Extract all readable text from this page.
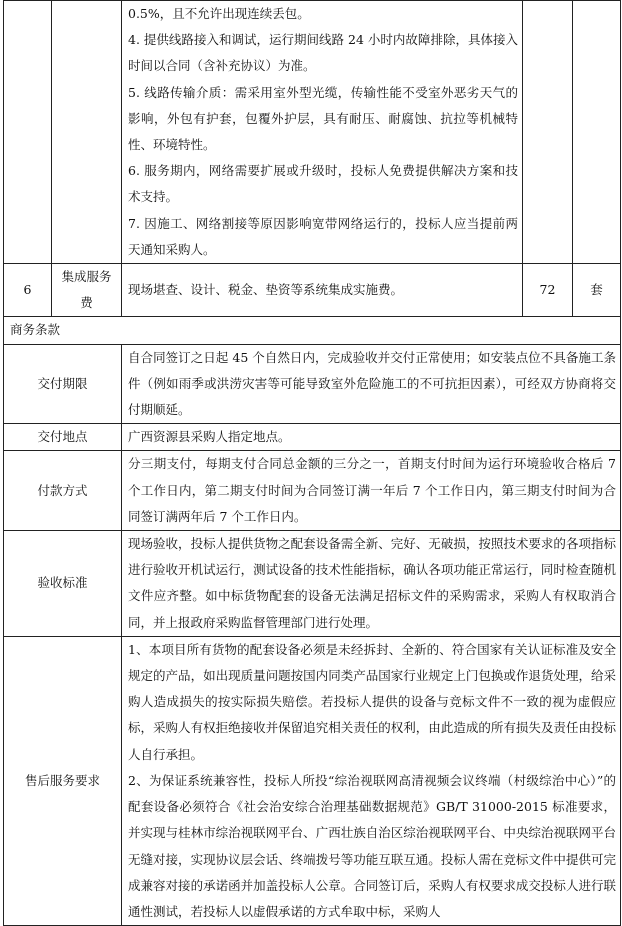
		0.5%，且不允许出现连续丢包。

4. 提供线路接入和调试，运行期间线路 24 小时内故障排除，具体接入时间以合同（含补充协议）为准。

5. 线路传输介质：需采用室外型光缆，传输性能不受室外恶劣天气的影响，外包有护套，包覆外护层，具有耐压、耐腐蚀、抗拉等机械特性、环境特性。

6. 服务期内，网络需要扩展或升级时，投标人免费提供解决方案和技术支持。

7. 因施工、网络割接等原因影响宽带网络运行的，投标人应当提前两天通知采购人。		

6	集成服务费	现场堪查、设计、税金、垫资等系统集成实施费。	72	套
商务条款				
交付期限		自合同签订之日起 45 个自然日内，完成验收并交付正常使用；如安装点位不具备施工条件（例如雨季或洪涝灾害等可能导致室外危险施工的不可抗拒因素），可经双方协商将交付期顺延。		

交付地点		广西资源县采购人指定地点。		

付款方式		分三期支付，每期支付合同总金额的三分之一，首期支付时间为运行环境验收合格后 7 个工作日内，第二期支付时间为合同签订满一年后 7 个工作日内，第三期支付时间为合同签订满两年后 7 个工作日内。		

验收标准		现场验收，投标人提供货物之配套设备需全新、完好、无破损，按照技术要求的各项指标进行验收开机试运行，测试设备的技术性能指标，确认各项功能正常运行，同时检查随机文件应齐整。如中标货物配套的设备无法满足招标文件的采购需求，采购人有权取消合同，并上报政府采购监督管理部门进行处理。		

售后服务要求		1、本项目所有货物的配套设备必须是未经拆封、全新的、符合国家有关认证标准及安全规定的产品，如出现质量问题按国内同类产品国家行业规定上门包换或作退货处理，给采购人造成损失的按实际损失赔偿。若投标人提供的设备与竞标文件不一致的视为虚假应标，采购人有权拒绝接收并保留追究相关责任的权利，由此造成的所有损失及责任由投标人自行承担。

2、为保证系统兼容性，投标人所投“综治视联网高清视频会议终端（村级综治中心）”的配套设备必须符合《社会治安综合治理基础数据规范》GB/T 31000-2015 标准要求，并实现与桂林市综治视联网平台、广西壮族自治区综治视联网平台、中央综治视联网平台无缝对接，实现协议层会话、终端拨号等功能互联互通。投标人需在竞标文件中提供可完成兼容对接的承诺函并加盖投标人公章。合同签订后，采购人有权要求成交投标人进行联通性测试，若投标人以虚假承诺的方式牟取中标，采购人		
